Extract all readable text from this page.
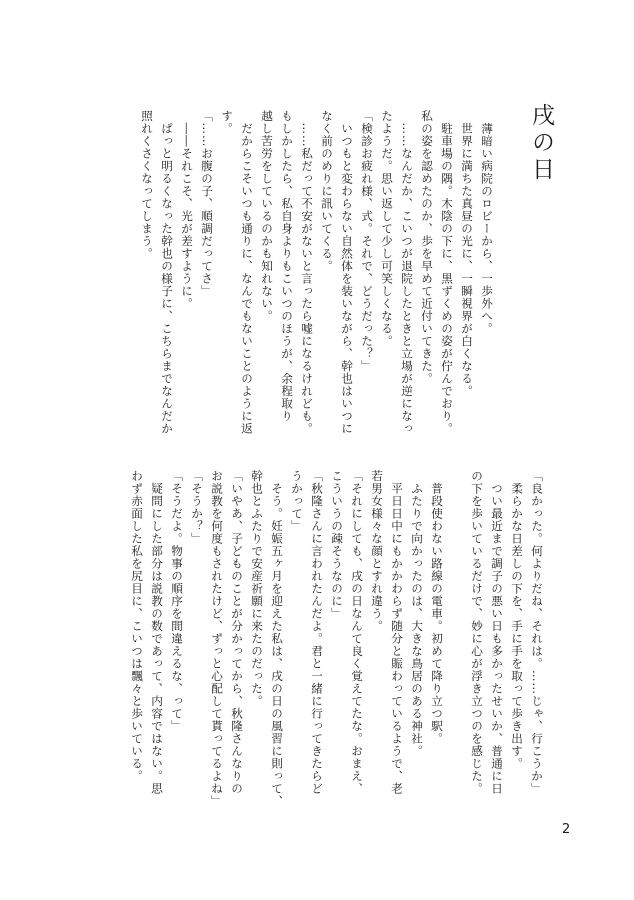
戌の日
　薄暗い病院のロビーから、一歩外へ。
　世界に満ちた真昼の光に、一瞬視界が白くなる。
　駐車場の隅。木陰の下に、黒ずくめの姿が佇んでおり。
私の姿を認めたのか、歩を早めて近付いてきた。
　……なんだか、こいつが退院したときと立場が逆になっ
たようだ。思い返して少し可笑しくなる。
「検診お疲れ様、式。それで、どうだった？」
　いつもと変わらない自然体を装いながら、幹也はいつに
なく前のめりに訊いてくる。
　……私だって不安がないと言ったら嘘になるけれども。
もしかしたら、私自身よりもこいつのほうが、余程取り
越し苦労をしているのかも知れない。
　だからこそいつも通りに、なんでもないことのように返
す。
「……お腹の子、順調だってさ」
　――それこそ、光が差すように。
　ぱっと明るくなった幹也の様子に、こちらまでなんだか
照れくさくなってしまう。
「良かった。何よりだね、それは。……じゃ、行こうか」
　柔らかな日差しの下を、手に手を取って歩き出す。
　つい最近まで調子の悪い日も多かったせいか、普通に日
の下を歩いているだけで、妙に心が浮き立つのを感じた。

　普段使わない路線の電車。初めて降り立つ駅。
　ふたりで向かったのは、大きな鳥居のある神社。
　平日日中にもかかわらず随分と賑わっているようで、老
若男女様々な顔とすれ違う。
「それにしても、戌の日なんて良く覚えてたな。おまえ、
こういうの疎そうなのに」
「秋隆さんに言われたんだよ。君と一緒に行ってきたらど
うかって」
　そう。妊娠五ヶ月を迎えた私は、戌の日の風習に則って、
幹也とふたりで安産祈願に来たのだった。
「いやあ、子どものことが分かってから、秋隆さんなりの
お説教を何度もされたけど、ずっと心配して貰ってるよね」
「そうか？」
「そうだよ。物事の順序を間違えるな、って」
　疑問にした部分は説教の数であって、内容ではない。思
わず赤面した私を尻目に、こいつは飄々と歩いている。
2
